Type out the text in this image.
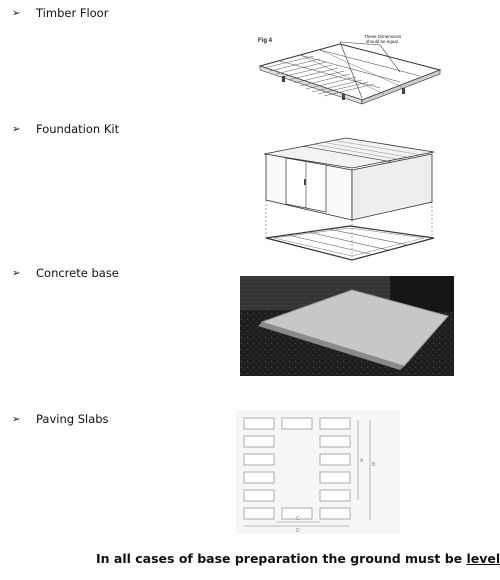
➢ Timber Floor
Fig 4
These Dimensions
should be equal
➢ Foundation Kit
➢ Concrete base
➢ Paving Slabs
A
B
C
D
In all cases of base preparation the ground must be level
